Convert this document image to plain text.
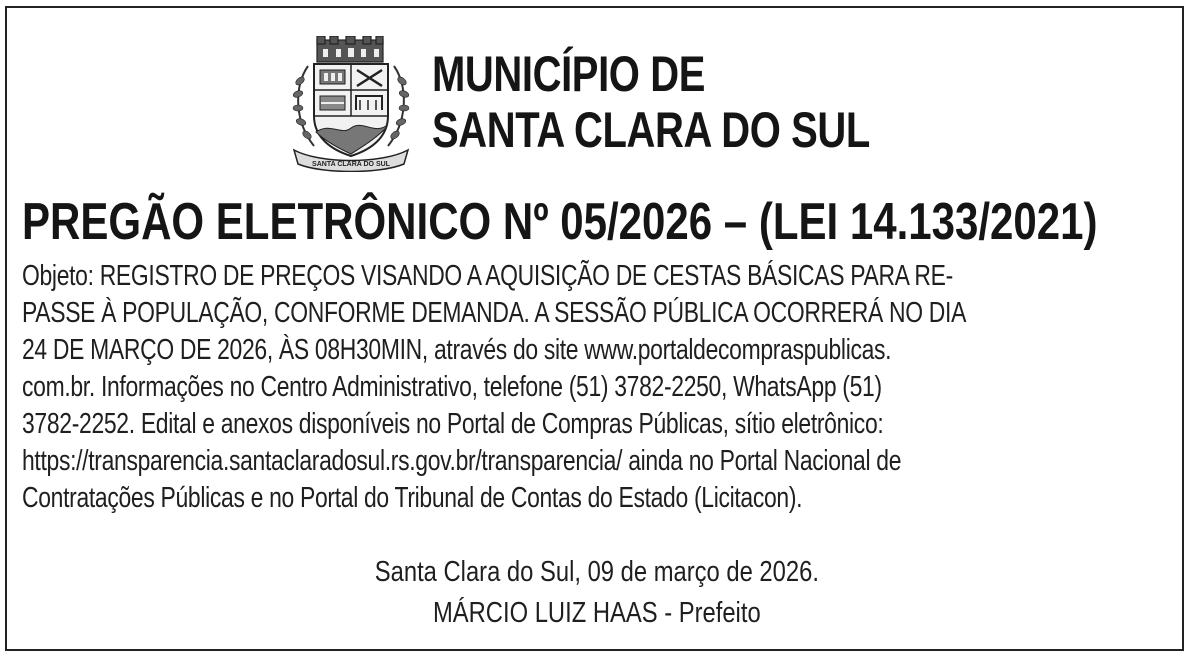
SANTA CLARA DO SUL
MUNICÍPIO DE
SANTA CLARA DO SUL
PREGÃO ELETRÔNICO Nº 05/2026 – (LEI 14.133/2021)
Objeto: REGISTRO DE PREÇOS VISANDO A AQUISIÇÃO DE CESTAS BÁSICAS PARA RE-
PASSE À POPULAÇÃO, CONFORME DEMANDA. A SESSÃO PÚBLICA OCORRERÁ NO DIA
24 DE MARÇO DE 2026, ÀS 08H30MIN, através do site www.portaldecompraspublicas.
com.br. Informações no Centro Administrativo, telefone (51) 3782-2250, WhatsApp (51)
3782-2252. Edital e anexos disponíveis no Portal de Compras Públicas, sítio eletrônico:
https://transparencia.santaclaradosul.rs.gov.br/transparencia/ ainda no Portal Nacional de
Contratações Públicas e no Portal do Tribunal de Contas do Estado (Licitacon).
Santa Clara do Sul, 09 de março de 2026.
MÁRCIO LUIZ HAAS - Prefeito
